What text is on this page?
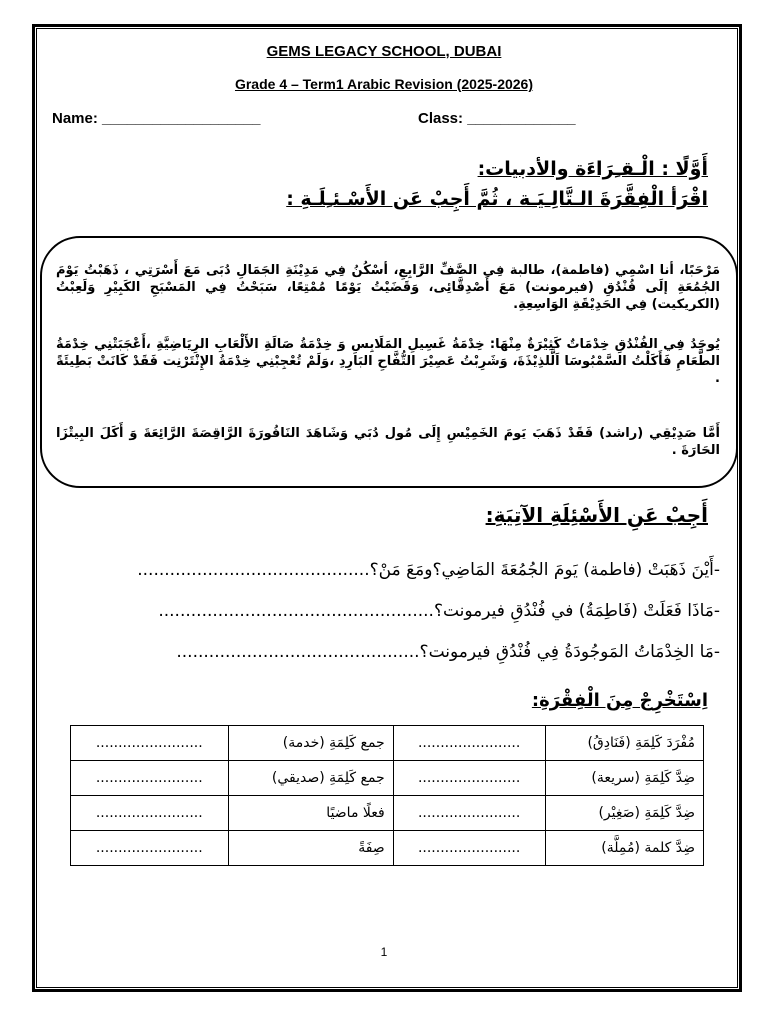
GEMS LEGACY SCHOOL, DUBAI
Grade 4 – Term1 Arabic Revision (2025-2026)
Name: ___________________	Class: _____________
أَوَّلًا : الْـقـِرَاءَة والأدبيات:
اقْرَأ الْفِقَّرَةَ الـتَّالِـيَـة ، ثُمَّ أَجِبْ عَن الأَسْـئـِلَـةِ :
مَرْحَبًا، أنا اسْمِي (فاطمة)، طالبة فِي الصَّفِّ الرَّابِعِ، أسْكُنُ فِي مَدِيْنَةِ الجَمَالِ دُبَى مَعَ أَسْرَتِي ، ذَهَبْتُ يَوْمَ الجُمُعَةِ إلَى فُنْدُقِ (فيرمونت) مَعَ أَصْدِقَّائِى، وَقَضَيْتُ يَوْمًا مُمْتِعًا، سَبَحْتُ فِي المَسْبَحِ الكَبِيْرِ وَلَعِبْتُ (الكريكيت) فِي الحَدِيْقَةِ الوَاسِعِةِ.
يُوجَدُ فِي الفُنْدُقِ خِدْمَاتٌ كَثِيْرَةٌ مِنْهَا: خِدْمَةُ غَسِيلِ المَلَابِسِ وَ خِدْمَةُ صَالَةِ الأَلْعَابِ الرِيَاضِيَّةِ ،أَعْجَبَتْنِي خِدْمَةُ الطَّعَامِ فَأَكَلْتُ السَّمْبُوسَا اَلَّلذِيْذَةَ، وَشَرِبْتُ عَصِيْرَ التُّفَّاحِ البَارِدِ ،وَلَمْ تُعْجِبْنِي خِدْمَةُ الإِنْتَرْنِت فَقَدْ كَانَتْ بَطِيئَةً .
أَمَّا صَدِيْقِي (راشد) فَقَدْ ذَهَبَ يَومَ الخَمِيْسِ إِلَى مُول دُبَي وَشَاهَدَ النَافُورَةَ الرَّاقِصَةَ الرَّائِعَةَ وَ أَكَلَ البِيتْزَا الحَارَةَ .
أَجِبْ عَنِ الأَسْئِلَةِ الآتِيَةِ:
-أَيْنَ ذَهَبَتْ (فاطمة) يَومَ الجُمُعَةَ المَاضِي؟ومَعَ مَنْ؟...........................................
-مَاذَا فَعَلَتْ (فَاطِمَةُ) في فُنْدُقِ فيرمونت؟...................................................
-مَا الخِدْمَاتُ المَوجُودَةُ فِي فُنْدُقِ فيرمونت؟.............................................
اِسْتَخْرِجْ مِنَ الْفِقْرَةِ:
مُفْرَدَ كَلِمَةِ (فَنَادِقُ)	.......................	جمع كَلِمَةِ (خدمة)	........................
ضِدَّ كَلِمَةِ (سريعة)	.......................	جمع كَلِمَةِ (صديقي)	........................
ضِدَّ كَلِمَةِ (صَغِيْر)	.......................	فعلًا ماضيًا	........................
ضِدَّ كلمة (مُمِلَّة)	.......................	صِفَةً	........................
1
